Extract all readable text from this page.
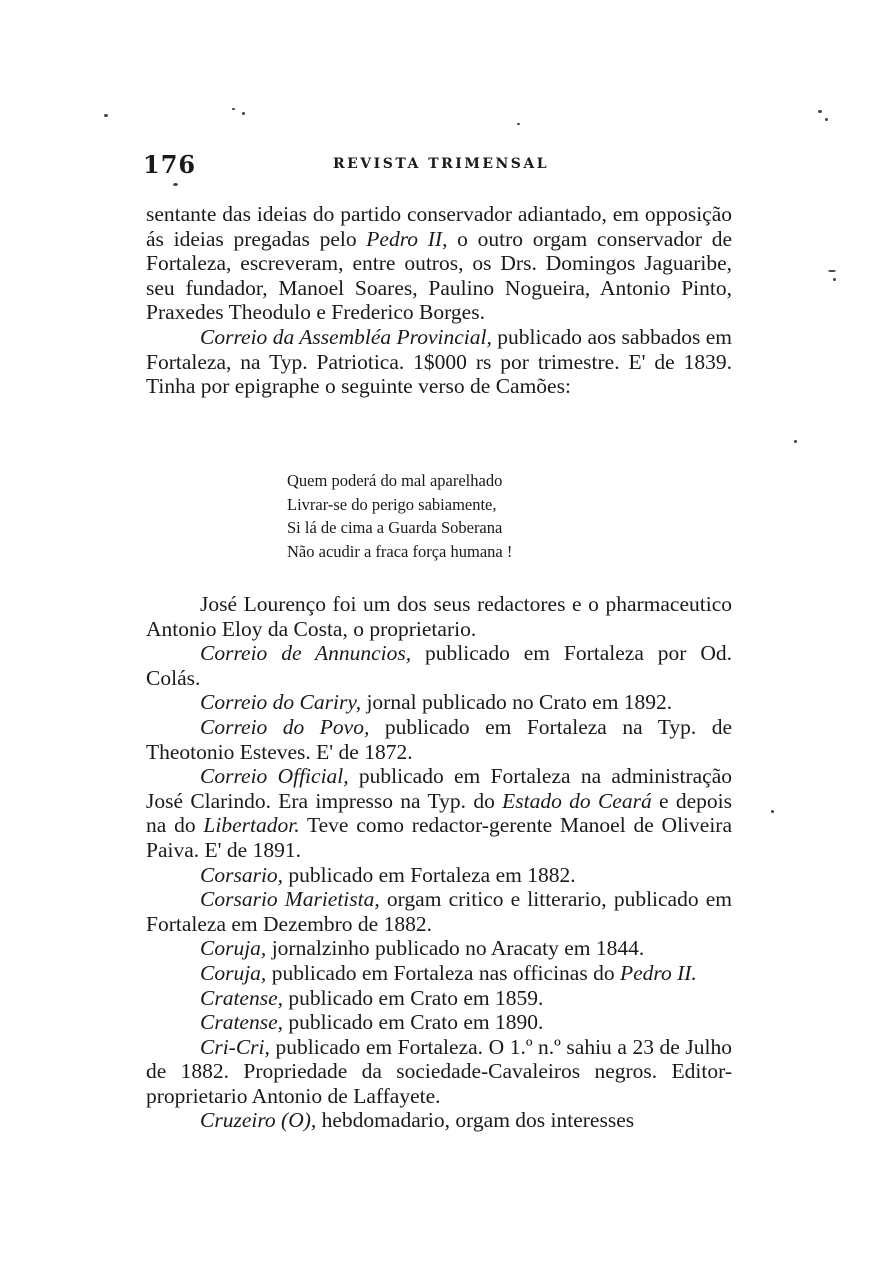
176	REVISTA TRIMENSAL

sentante das ideias do partido conservador adiantado, em opposição ás ideias pregadas pelo Pedro II, o outro orgam conservador de Fortaleza, escreveram, entre outros, os Drs. Domingos Jaguaribe, seu fundador, Manoel Soares, Paulino Nogueira, Antonio Pinto, Praxedes Theodulo e Frederico Borges.

Correio da Assembléa Provincial, publicado aos sabbados em Fortaleza, na Typ. Patriotica. 1$000 rs por trimestre. E' de 1839. Tinha por epigraphe o seguinte verso de Camões:

Quem poderá do mal aparelhado
Livrar-se do perigo sabiamente,
Si lá de cima a Guarda Soberana
Não acudir a fraca força humana !

José Lourenço foi um dos seus redactores e o pharmaceutico Antonio Eloy da Costa, o proprietario.

Correio de Annuncios, publicado em Fortaleza por Od. Colás.

Correio do Cariry, jornal publicado no Crato em 1892.

Correio do Povo, publicado em Fortaleza na Typ. de Theotonio Esteves. E' de 1872.

Correio Official, publicado em Fortaleza na administração José Clarindo. Era impresso na Typ. do Estado do Ceará e depois na do Libertador. Teve como redactor-gerente Manoel de Oliveira Paiva. E' de 1891.

Corsario, publicado em Fortaleza em 1882.

Corsario Marietista, orgam critico e litterario, publicado em Fortaleza em Dezembro de 1882.

Coruja, jornalzinho publicado no Aracaty em 1844.

Coruja, publicado em Fortaleza nas officinas do Pedro II.

Cratense, publicado em Crato em 1859.

Cratense, publicado em Crato em 1890.

Cri-Cri, publicado em Fortaleza. O 1.º n.º sahiu a 23 de Julho de 1882. Propriedade da sociedade-Cavaleiros negros. Editor-proprietario Antonio de Laffayete.

Cruzeiro (O), hebdomadario, orgam dos interesses
